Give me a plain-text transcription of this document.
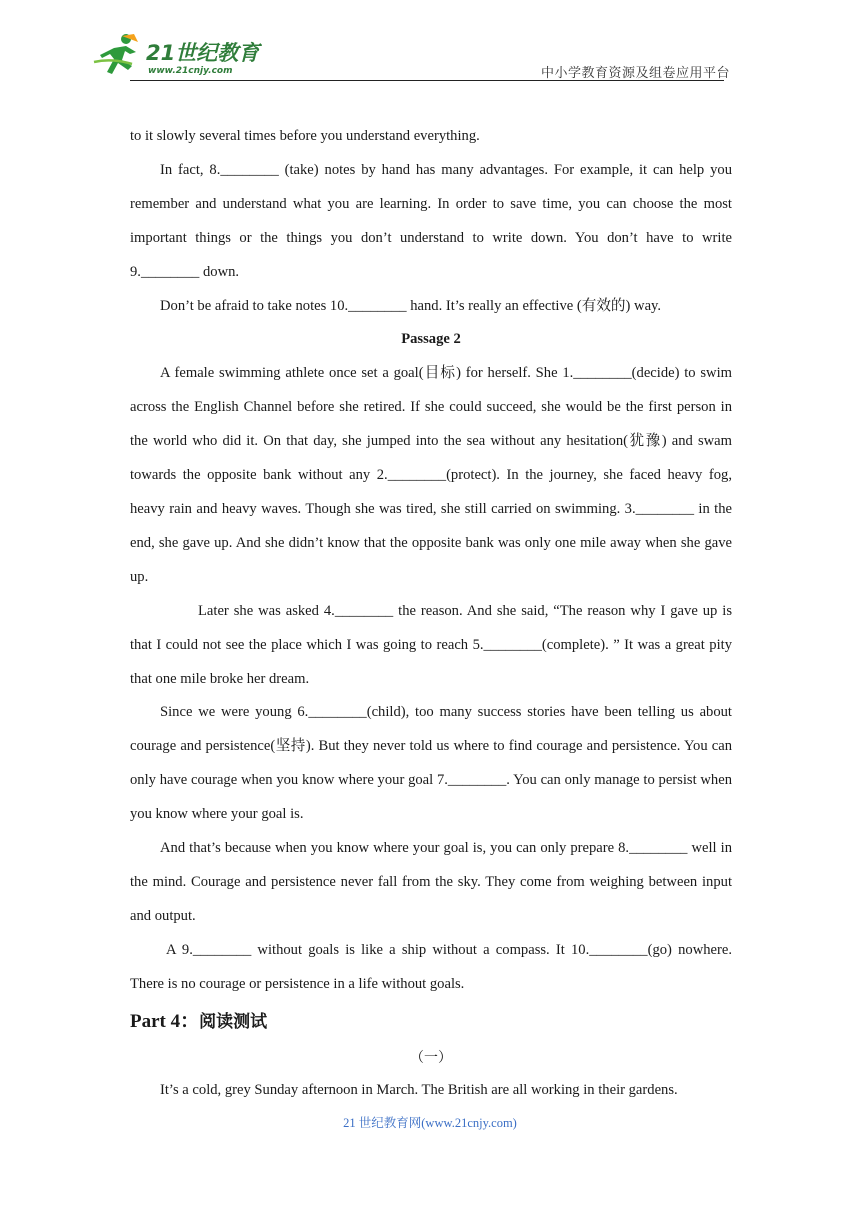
21世纪教育
www.21cnjy.com	中小学教育资源及组卷应用平台

to it slowly several times before you understand everything.

In fact, 8.________ (take) notes by hand has many advantages. For example, it can help you remember and understand what you are learning. In order to save time, you can choose the most important things or the things you don’t understand to write down. You don’t have to write 9.________ down.

Don’t be afraid to take notes 10.________ hand. It’s really an effective (有效的) way.

Passage 2

A female swimming athlete once set a goal(目标) for herself. She 1.________(decide) to swim across the English Channel before she retired. If she could succeed, she would be the first person in the world who did it. On that day, she jumped into the sea without any hesitation(犹豫) and swam towards the opposite bank without any 2.________(protect). In the journey, she faced heavy fog, heavy rain and heavy waves. Though she was tired, she still carried on swimming. 3.________ in the end, she gave up. And she didn’t know that the opposite bank was only one mile away when she gave up.

Later she was asked 4.________ the reason. And she said, “The reason why I gave up is that I could not see the place which I was going to reach 5.________(complete). ” It was a great pity that one mile broke her dream.

Since we were young 6.________(child), too many success stories have been telling us about courage and persistence(坚持). But they never told us where to find courage and persistence. You can only have courage when you know where your goal 7.________. You can only manage to persist when you know where your goal is.

And that’s because when you know where your goal is, you can only prepare 8.________ well in the mind. Courage and persistence never fall from the sky. They come from weighing between input and output.

A 9.________ without goals is like a ship without a compass. It 10.________(go) nowhere. There is no courage or persistence in a life without goals.

Part 4：阅读测试

（一）

It’s a cold, grey Sunday afternoon in March. The British are all working in their gardens.

21 世纪教育网(www.21cnjy.com)
